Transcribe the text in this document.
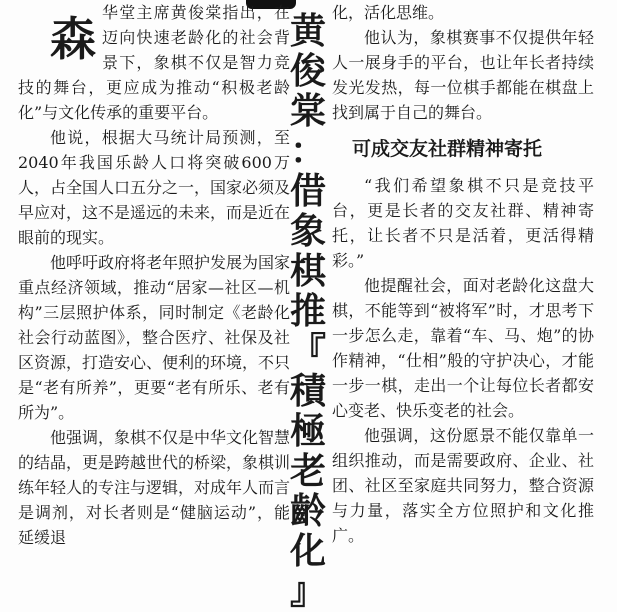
森 华堂主席黄俊棠指出，在迈向快速老龄化的社会背景下，象棋不仅是智力竞技的舞台，更应成为推动“积极老龄化”与文化传承的重要平台。

他说，根据大马统计局预测，至2040年我国乐龄人口将突破600万人，占全国人口五分之一，国家必须及早应对，这不是遥远的未来，而是近在眼前的现实。

他呼吁政府将老年照护发展为国家重点经济领域，推动“居家—社区—机构”三层照护体系，同时制定《老龄化社会行动蓝图》，整合医疗、社保及社区资源，打造安心、便利的环境，不只是“老有所养”，更要“老有所乐、老有所为”。

他强调，象棋不仅是中华文化智慧的结晶，更是跨越世代的桥梁，象棋训练年轻人的专注与逻辑，对成年人而言是调剂，对长者则是“健脑运动”，能延缓退

黄
俊
棠
：
借
象
棋
推
『
積
極
老
齡
化
』

化，活化思维。

他认为，象棋赛事不仅提供年轻人一展身手的平台，也让年长者持续发光发热，每一位棋手都能在棋盘上找到属于自己的舞台。

可成交友社群精神寄托

“我们希望象棋不只是竞技平台，更是长者的交友社群、精神寄托，让长者不只是活着，更活得精彩。”

他提醒社会，面对老龄化这盘大棋，不能等到“被将军”时，才思考下一步怎么走，靠着“车、马、炮”的协作精神，“仕相”般的守护决心，才能一步一棋，走出一个让每位长者都安心变老、快乐变老的社会。

他强调，这份愿景不能仅靠单一组织推动，而是需要政府、企业、社团、社区至家庭共同努力，整合资源与力量，落实全方位照护和文化推广。
